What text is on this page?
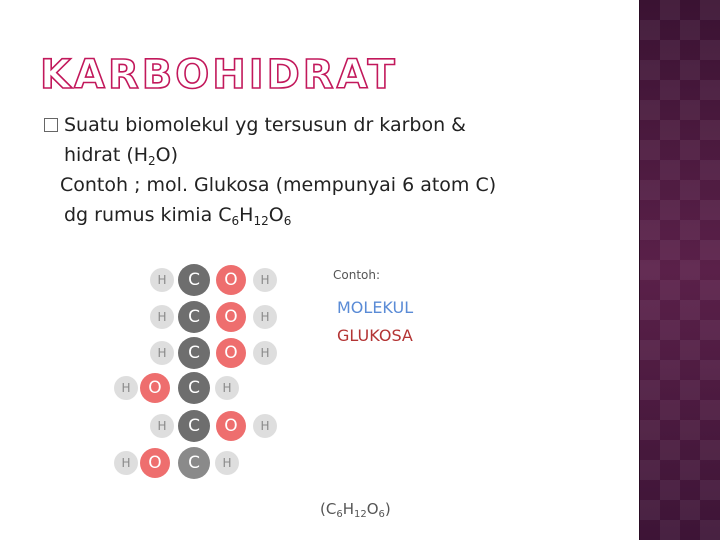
KARBOHIDRAT
Suatu biomolekul yg tersusun dr karbon &
hidrat $(H_2O)$
Contoh ; mol. Glukosa (mempunyai 6 atom C)
dg rumus kimia $C_6H_{12}O_6$
H	C	O	H
H	C	O	H
H	C	O	H
H	O	C	H
H	C	O	H
H	O	C	H
Contoh:
MOLEKUL
GLUKOSA
$(C_6H_{12}O_6)$
